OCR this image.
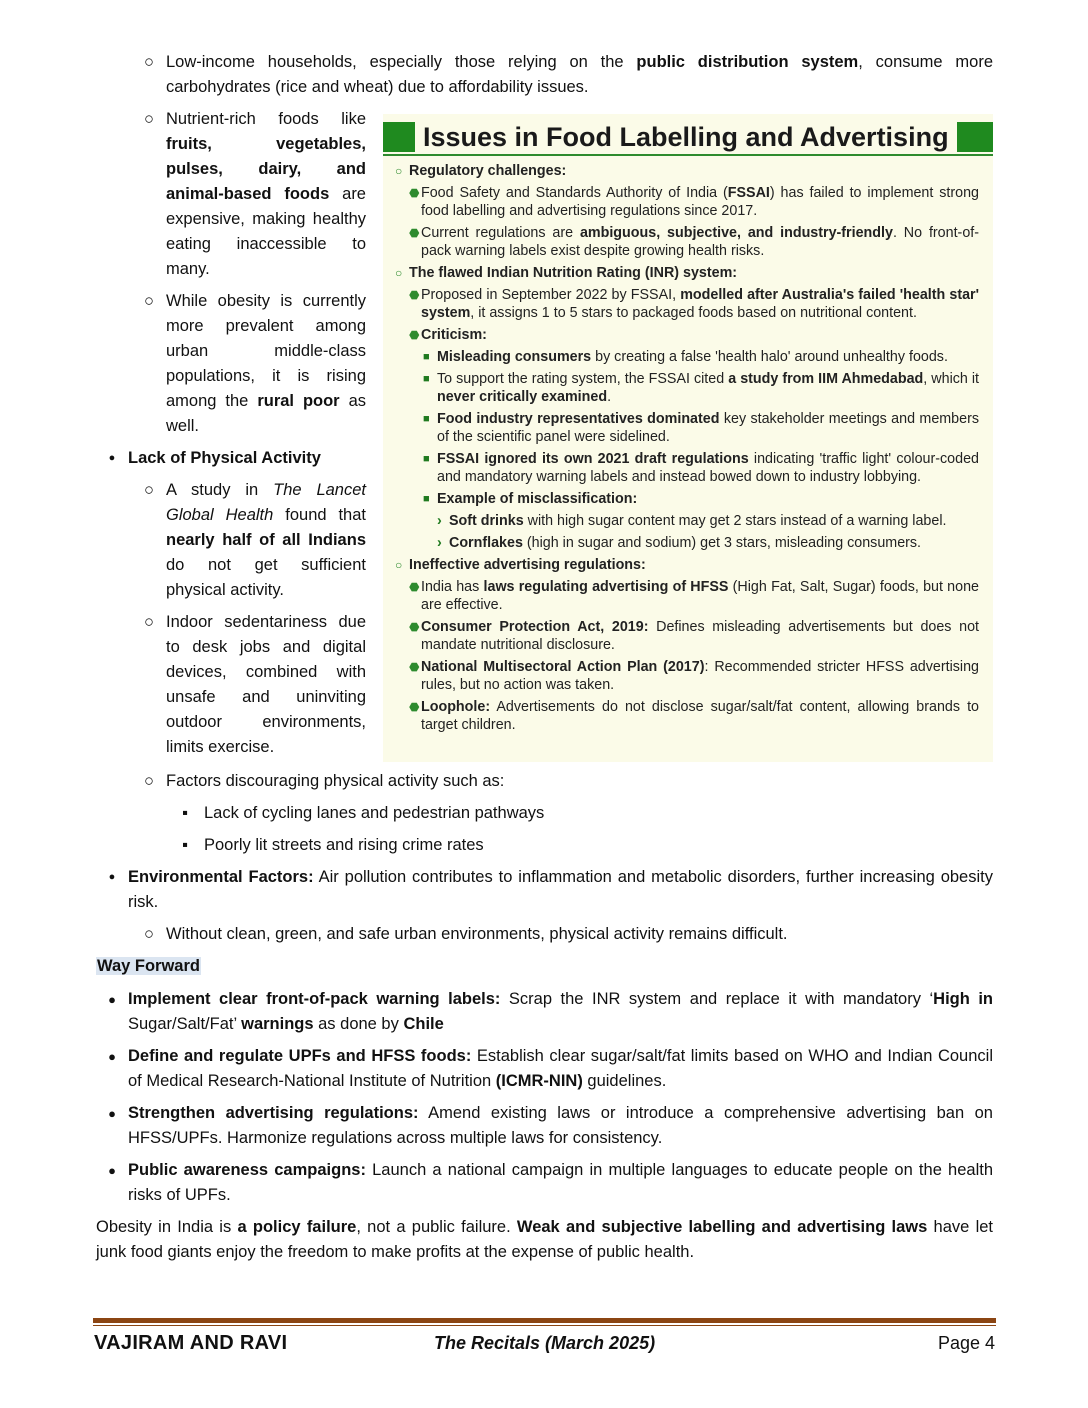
○ Low-income households, especially those relying on the public distribution system, consume more carbohydrates (rice and wheat) due to affordability issues.
○ Nutrient-rich foods like fruits, vegetables, pulses, dairy, and animal-based foods are expensive, making healthy eating inaccessible to many.
○ While obesity is currently more prevalent among urban middle-class populations, it is rising among the rural poor as well.
● Lack of Physical Activity
○ A study in The Lancet Global Health found that nearly half of all Indians do not get sufficient physical activity.
○ Indoor sedentariness due to desk jobs and digital devices, combined with unsafe and uninviting outdoor environments, limits exercise.
Issues in Food Labelling and Advertising
○ Regulatory challenges:
⬣ Food Safety and Standards Authority of India (FSSAI) has failed to implement strong food labelling and advertising regulations since 2017.
⬣ Current regulations are ambiguous, subjective, and industry-friendly. No front-of-pack warning labels exist despite growing health risks.
○ The flawed Indian Nutrition Rating (INR) system:
⬣ Proposed in September 2022 by FSSAI, modelled after Australia's failed 'health star' system, it assigns 1 to 5 stars to packaged foods based on nutritional content.
⬣ Criticism:
■ Misleading consumers by creating a false 'health halo' around unhealthy foods.
■ To support the rating system, the FSSAI cited a study from IIM Ahmedabad, which it never critically examined.
■ Food industry representatives dominated key stakeholder meetings and members of the scientific panel were sidelined.
■ FSSAI ignored its own 2021 draft regulations indicating 'traffic light' colour-coded and mandatory warning labels and instead bowed down to industry lobbying.
■ Example of misclassification:
› Soft drinks with high sugar content may get 2 stars instead of a warning label.
› Cornflakes (high in sugar and sodium) get 3 stars, misleading consumers.
○ Ineffective advertising regulations:
⬣ India has laws regulating advertising of HFSS (High Fat, Salt, Sugar) foods, but none are effective.
⬣ Consumer Protection Act, 2019: Defines misleading advertisements but does not mandate nutritional disclosure.
⬣ National Multisectoral Action Plan (2017): Recommended stricter HFSS advertising rules, but no action was taken.
⬣ Loophole: Advertisements do not disclose sugar/salt/fat content, allowing brands to target children.
○ Factors discouraging physical activity such as:
▪ Lack of cycling lanes and pedestrian pathways
▪ Poorly lit streets and rising crime rates
● Environmental Factors: Air pollution contributes to inflammation and metabolic disorders, further increasing obesity risk.
○ Without clean, green, and safe urban environments, physical activity remains difficult.
Way Forward
● Implement clear front-of-pack warning labels: Scrap the INR system and replace it with mandatory ‘High in Sugar/Salt/Fat’ warnings as done by Chile
● Define and regulate UPFs and HFSS foods: Establish clear sugar/salt/fat limits based on WHO and Indian Council of Medical Research-National Institute of Nutrition (ICMR-NIN) guidelines.
● Strengthen advertising regulations: Amend existing laws or introduce a comprehensive advertising ban on HFSS/UPFs. Harmonize regulations across multiple laws for consistency.
● Public awareness campaigns: Launch a national campaign in multiple languages to educate people on the health risks of UPFs.

Obesity in India is a policy failure, not a public failure. Weak and subjective labelling and advertising laws have let junk food giants enjoy the freedom to make profits at the expense of public health.

VAJIRAM AND RAVI	The Recitals (March 2025)	Page 4
